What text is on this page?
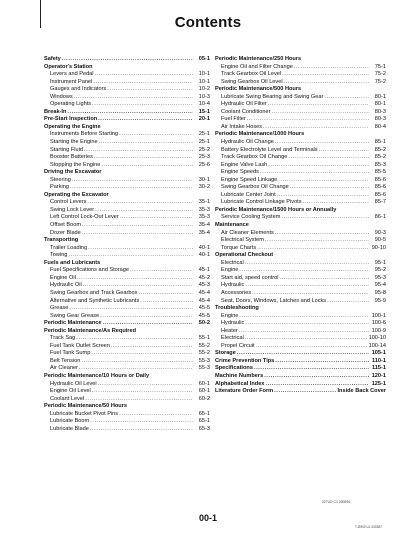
Contents
Safety .....	05-1
Operator's Station
Levers and Pedal .....	10-1
Instrument Panel .....	10-1
Gauges and Indicators .....	10-2
Windows .....	10-3
Operating Lights .....	10-4
Break-In .....	15-1
Pre-Start Inspection .....	20-1
Operating the Engine
Instruments Before Starting .....	25-1
Starting the Engine .....	25-1
Starting Fluid .....	25-2
Booster Batteries .....	25-3
Stopping the Engine .....	25-6
Driving the Excavator
Steering .....	30-1
Parking .....	30-2
Operating the Excavator
Control Levers .....	35-1
Swing Lock Lever .....	35-3
Left Control Lock-Out Lever .....	35-3
Offset Boom .....	35-4
Dozer Blade .....	35-4
Transporting
Trailer Loading .....	40-1
Towing .....	40-1
Fuels and Lubricants
Fuel Specifications and Storage .....	45-1
Engine Oil .....	45-2
Hydraulic Oil .....	45-3
Swing Gearbox and Track Gearbox .....	45-4
Alternative and Synthetic Lubricants .....	45-4
Grease .....	45-5
Swing Gear Grease .....	45-5
Periodic Maintenance .....	50-2
Periodic Maintenance/As Required
Track Sag .....	55-1
Fuel Tank Outlet Screen .....	55-2
Fuel Tank Sump .....	55-2
Belt Tension .....	55-3
Air Cleaner .....	55-3
Periodic Maintenance/10 Hours or Daily
Hydraulic Oil Level .....	60-1
Engine Oil Level .....	60-1
Coolant Level .....	60-2
Periodic Maintenance/50 Hours
Lubricate Bucket Pivot Pins .....	65-1
Lubricate Boom .....	65-1
Lubricate Blade .....	65-3
Periodic Maintenance/250 Hours
Engine Oil and Filter Change .....	75-1
Track Gearbox Oil Level .....	75-2
Swing Gearbox Oil Level .....	75-2
Periodic Maintenance/500 Hours
Lubricate Swing Bearing and Swing Gear .....	80-1
Hydraulic Oil Filter .....	80-1
Coolant Conditioner .....	80-3
Fuel Filter .....	80-3
Air Intake Hoses .....	80-4
Periodic Maintenance/1000 Hours
Hydraulic Oil Change .....	85-1
Battery Electrolyte Level and Terminals .....	85-2
Track Gearbox Oil Change .....	85-2
Engine Valve Lash .....	85-3
Engine Speeds .....	85-5
Engine Speed Linkage .....	85-6
Swing Gearbox Oil Change .....	85-6
Lubricate Center Joint .....	85-6
Lubricate Control Linkage Pivots .....	85-7
Periodic Maintenance/1500 Hours or Annually
Service Cooling System .....	86-1
Maintenance
Air Cleaner Elements .....	90-3
Electrical System .....	90-5
Torque Charts .....	90-10
Operational Checkout
Electrical .....	95-1
Engine .....	95-2
Start aid, speed control .....	95-3
Hydraulic .....	95-4
Accessories .....	95-8
Seat, Doors, Windows, Latches and Locks .....	95-9
Troubleshooting
Engine .....	100-1
Hydraulic .....	100-6
Heater .....	100-9
Electrical .....	100-10
Propel Circuit .....	100-14
Storage .....	105-1
Crime Prevention Tips .....	110-1
Specifications .....	115-1
Machine Numbers .....	120-1
Alphabetical Index .....	125-1
Literature Order Form .....	Inside Back Cover
027UD C1 030594
00-1
TJ3900 UL 030387
